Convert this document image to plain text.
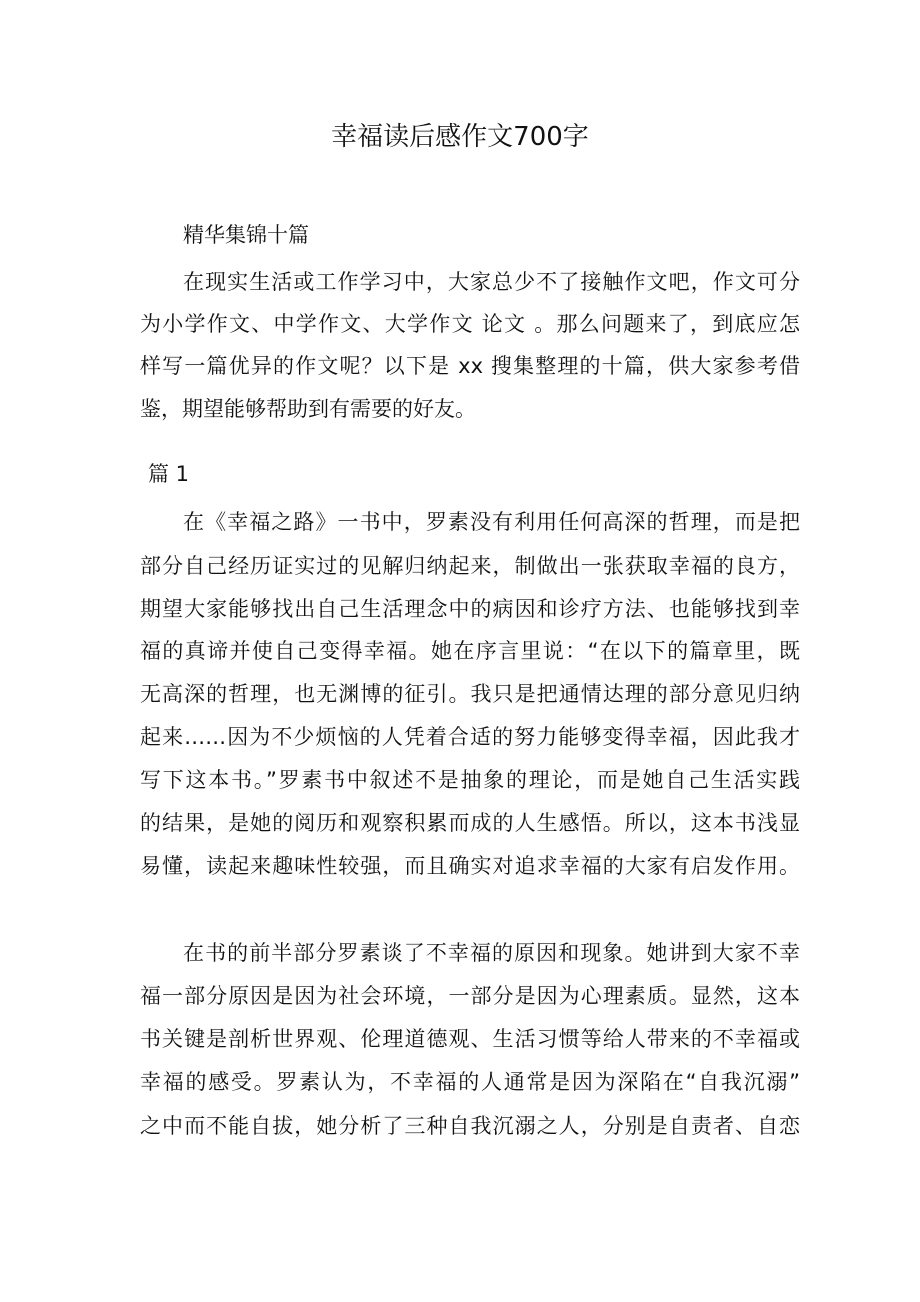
幸福读后感作文700字
精华集锦十篇
在现实生活或工作学习中，大家总少不了接触作文吧，作文可分
为小学作文、中学作文、大学作文 论文 。那么问题来了，到底应怎
样写一篇优异的作文呢？以下是 xx 搜集整理的十篇，供大家参考借
鉴，期望能够帮助到有需要的好友。
篇 1
在《幸福之路》一书中，罗素没有利用任何高深的哲理，而是把
部分自己经历证实过的见解归纳起来，制做出一张获取幸福的良方，
期望大家能够找出自己生活理念中的病因和诊疗方法、也能够找到幸
福的真谛并使自己变得幸福。她在序言里说：“在以下的篇章里，既
无高深的哲理，也无渊博的征引。我只是把通情达理的部分意见归纳
起来……因为不少烦恼的人凭着合适的努力能够变得幸福，因此我才
写下这本书。”罗素书中叙述不是抽象的理论，而是她自己生活实践
的结果，是她的阅历和观察积累而成的人生感悟。所以，这本书浅显
易懂，读起来趣味性较强，而且确实对追求幸福的大家有启发作用。
在书的前半部分罗素谈了不幸福的原因和现象。她讲到大家不幸
福一部分原因是因为社会环境，一部分是因为心理素质。显然，这本
书关键是剖析世界观、伦理道德观、生活习惯等给人带来的不幸福或
幸福的感受。罗素认为，不幸福的人通常是因为深陷在“自我沉溺”
之中而不能自拔，她分析了三种自我沉溺之人，分别是自责者、自恋
